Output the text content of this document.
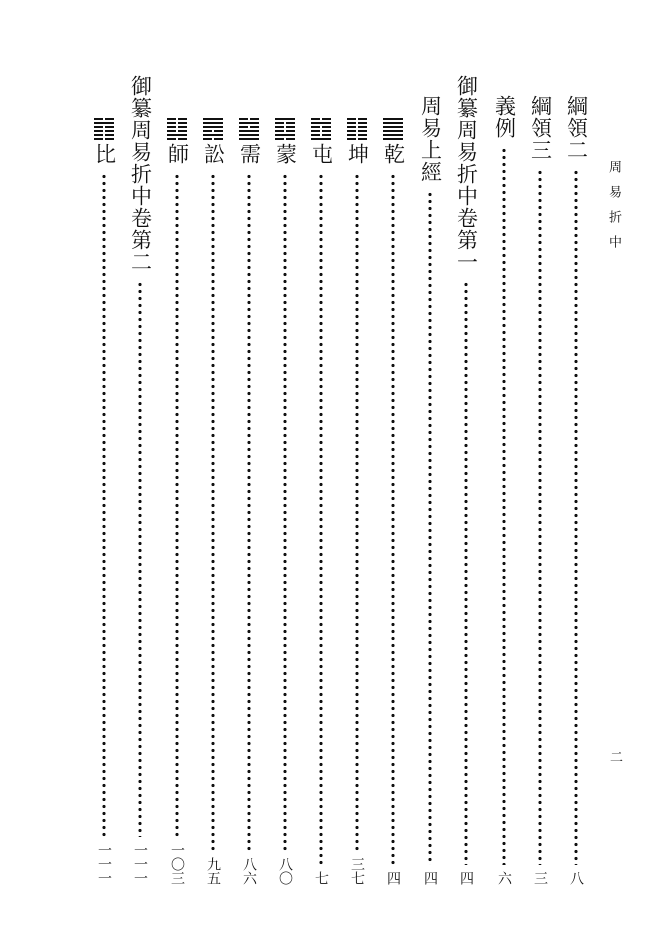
周易折中
二
綱領二
八
綱領三
三
義例
六
御纂周易折中卷第一
四
周易上經
四
乾
四
坤
三七
屯
七
蒙
八〇
需
八六
訟
九五
師
一〇三
御纂周易折中卷第二
一一一
比
一一一
